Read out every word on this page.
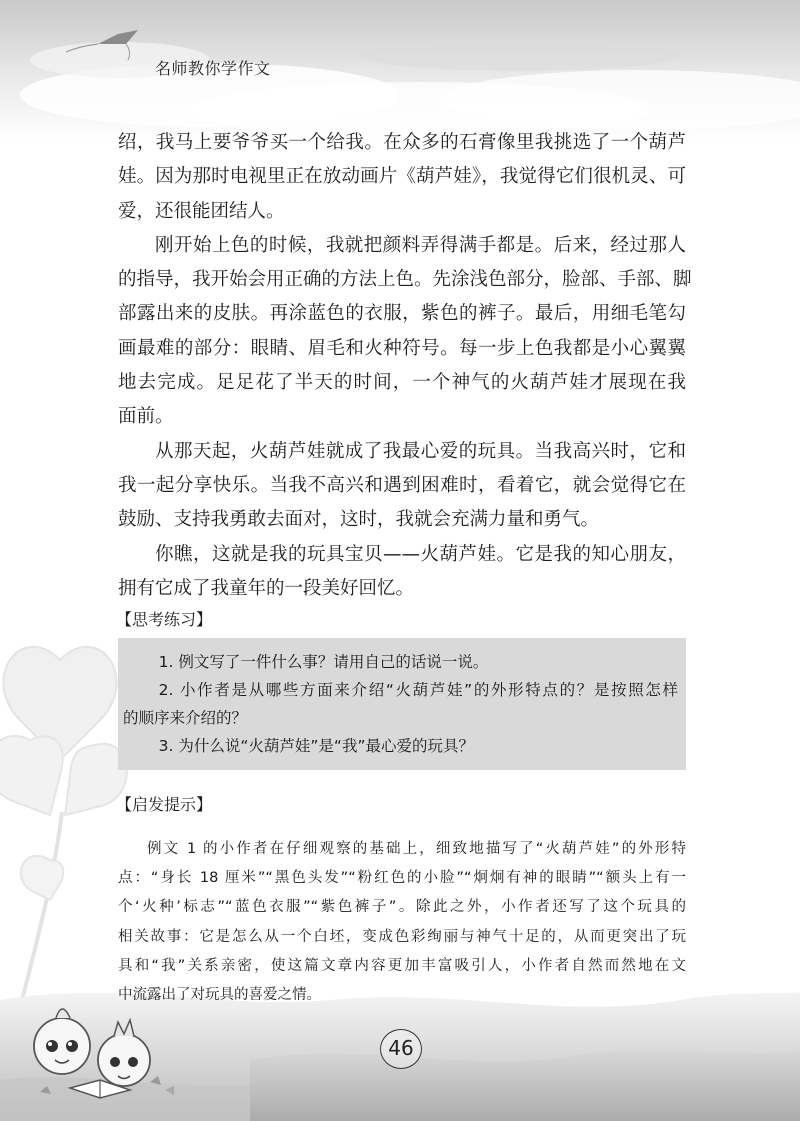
名师教你学作文
绍，我马上要爷爷买一个给我。在众多的石膏像里我挑选了一个葫芦
娃。因为那时电视里正在放动画片《葫芦娃》，我觉得它们很机灵、可
爱，还很能团结人。
刚开始上色的时候，我就把颜料弄得满手都是。后来，经过那人
的指导，我开始会用正确的方法上色。先涂浅色部分，脸部、手部、脚
部露出来的皮肤。再涂蓝色的衣服，紫色的裤子。最后，用细毛笔勾
画最难的部分：眼睛、眉毛和火种符号。每一步上色我都是小心翼翼
地去完成。足足花了半天的时间，一个神气的火葫芦娃才展现在我
面前。
从那天起，火葫芦娃就成了我最心爱的玩具。当我高兴时，它和
我一起分享快乐。当我不高兴和遇到困难时，看着它，就会觉得它在
鼓励、支持我勇敢去面对，这时，我就会充满力量和勇气。
你瞧，这就是我的玩具宝贝——火葫芦娃。它是我的知心朋友，
拥有它成了我童年的一段美好回忆。
【思考练习】
1. 例文写了一件什么事？请用自己的话说一说。
2. 小作者是从哪些方面来介绍“火葫芦娃”的外形特点的？是按照怎样
的顺序来介绍的？
3. 为什么说“火葫芦娃”是“我”最心爱的玩具？
【启发提示】
例文 1 的小作者在仔细观察的基础上，细致地描写了“火葫芦娃”的外形特
点：“身长 18 厘米”“黑色头发”“粉红色的小脸”“炯炯有神的眼睛”“额头上有一
个‘火种’标志”“蓝色衣服”“紫色裤子”。除此之外，小作者还写了这个玩具的
相关故事：它是怎么从一个白坯，变成色彩绚丽与神气十足的，从而更突出了玩
具和“我”关系亲密，使这篇文章内容更加丰富吸引人，小作者自然而然地在文
中流露出了对玩具的喜爱之情。
46
